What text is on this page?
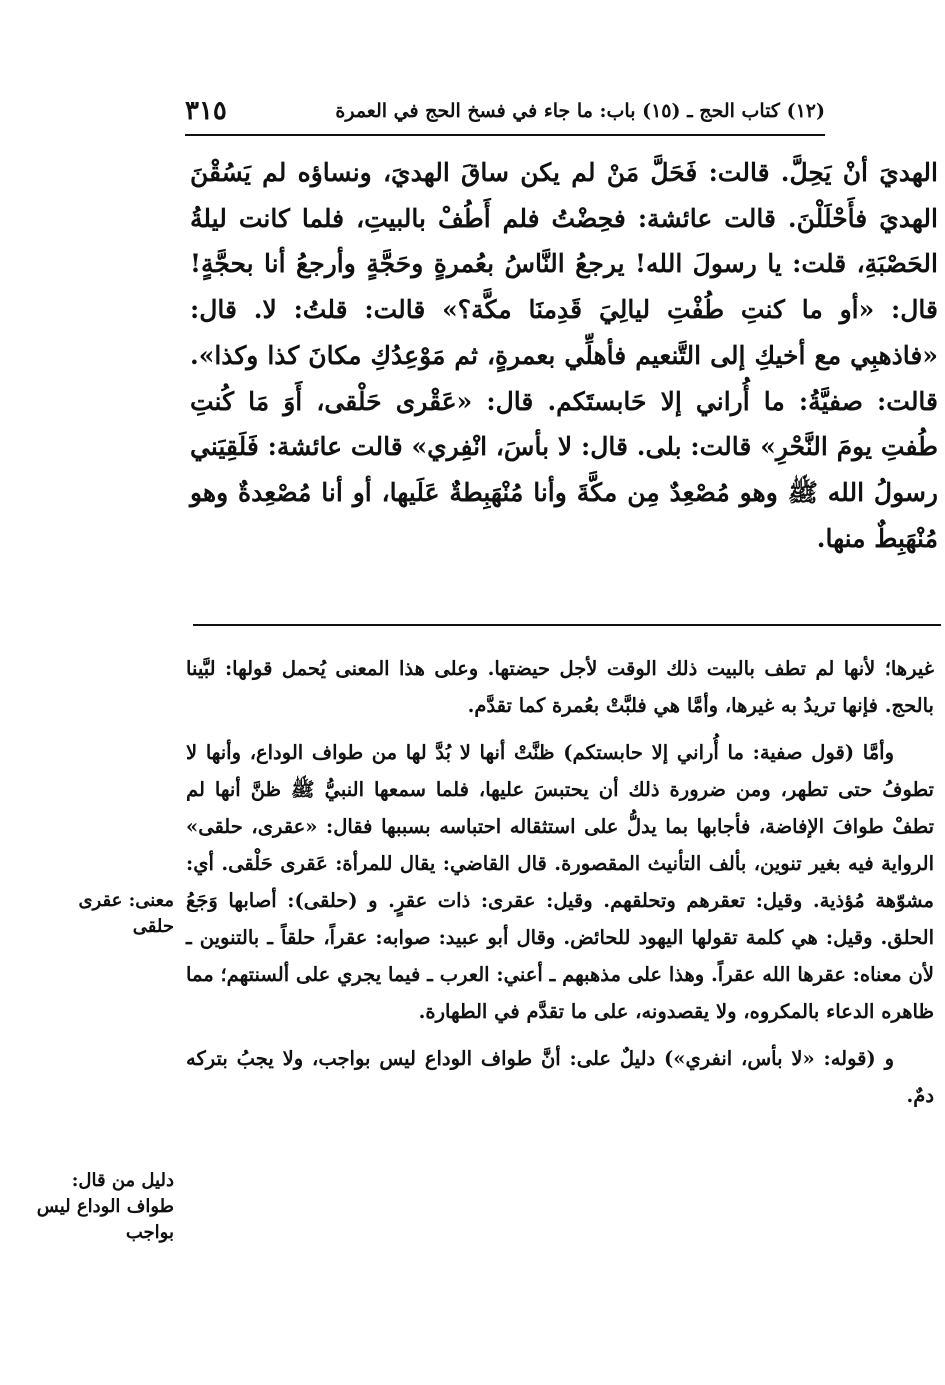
(١٢) كتاب الحج ـ (١٥) باب: ما جاء في فسخ الحج في العمرة
٣١٥

الهديَ أنْ يَحِلَّ. قالت: فَحَلَّ مَنْ لم يكن ساقَ الهديَ، ونساؤه لم يَسُقْنَ الهديَ فأَحْلَلْنَ. قالت عائشة: فحِضْتُ فلم أَطُفْ بالبيتِ، فلما كانت ليلةُ الحَصْبَةِ، قلت: يا رسولَ الله! يرجعُ النَّاسُ بعُمرةٍ وحَجَّةٍ وأرجعُ أنا بحجَّةٍ! قال: «أو ما كنتِ طُفْتِ ليالِيَ قَدِمنَا مكَّة؟» قالت: قلتُ: لا. قال: «فاذهبِي مع أخيكِ إلى التَّنعيم فأهلِّي بعمرةٍ، ثم مَوْعِدُكِ مكانَ كذا وكذا». قالت: صفيَّةُ: ما أُراني إلا حَابستَكم. قال: «عَقْرى حَلْقى، أَوَ مَا كُنتِ طُفتِ يومَ النَّحْرِ» قالت: بلى. قال: لا بأسَ، انْفِري» قالت عائشة: فَلَقِيَني رسولُ الله ﷺ وهو مُصْعِدٌ مِن مكَّةَ وأنا مُنْهَبِطةٌ عَلَيها، أو أنا مُصْعِدةٌ وهو مُنْهَبِطٌ منها.

غيرها؛ لأنها لم تطف بالبيت ذلك الوقت لأجل حيضتها. وعلى هذا المعنى يُحمل قولها: لبَّينا بالحج. فإنها تريدُ به غيرها، وأمَّا هي فلبَّتْ بعُمرة كما تقدَّم.

وأمَّا (قول صفية: ما أُراني إلا حابستكم) ظنَّتْ أنها لا بُدَّ لها من طواف الوداع، وأنها لا تطوفُ حتى تطهر، ومن ضرورة ذلك أن يحتبسَ عليها، فلما سمعها النبيُّ ﷺ ظنَّ أنها لم تطفْ طوافَ الإفاضة، فأجابها بما يدلُّ على استثقاله احتباسه بسببها فقال: «عقرى، حلقى» الرواية فيه بغير تنوين، بألف التأنيث المقصورة. قال القاضي: يقال للمرأة: عَقرى حَلْقى. أي: مشوّهة مُؤذية. وقيل: تعقرهم وتحلقهم. وقيل: عقرى: ذات عقرٍ. و (حلقى): أصابها وَجَعُ الحلق. وقيل: هي كلمة تقولها اليهود للحائض. وقال أبو عبيد: صوابه: عقراً، حلقاً ـ بالتنوين ـ لأن معناه: عقرها الله عقراً. وهذا على مذهبهم ـ أعني: العرب ـ فيما يجري على ألسنتهم؛ مما ظاهره الدعاء بالمكروه، ولا يقصدونه، على ما تقدَّم في الطهارة.

و (قوله: «لا بأس، انفري») دليلٌ على: أنَّ طواف الوداع ليس بواجب، ولا يجبُ بتركه دمٌ.

معنى: عقرى حلقى
دليل من قال: طواف الوداع ليس بواجب
